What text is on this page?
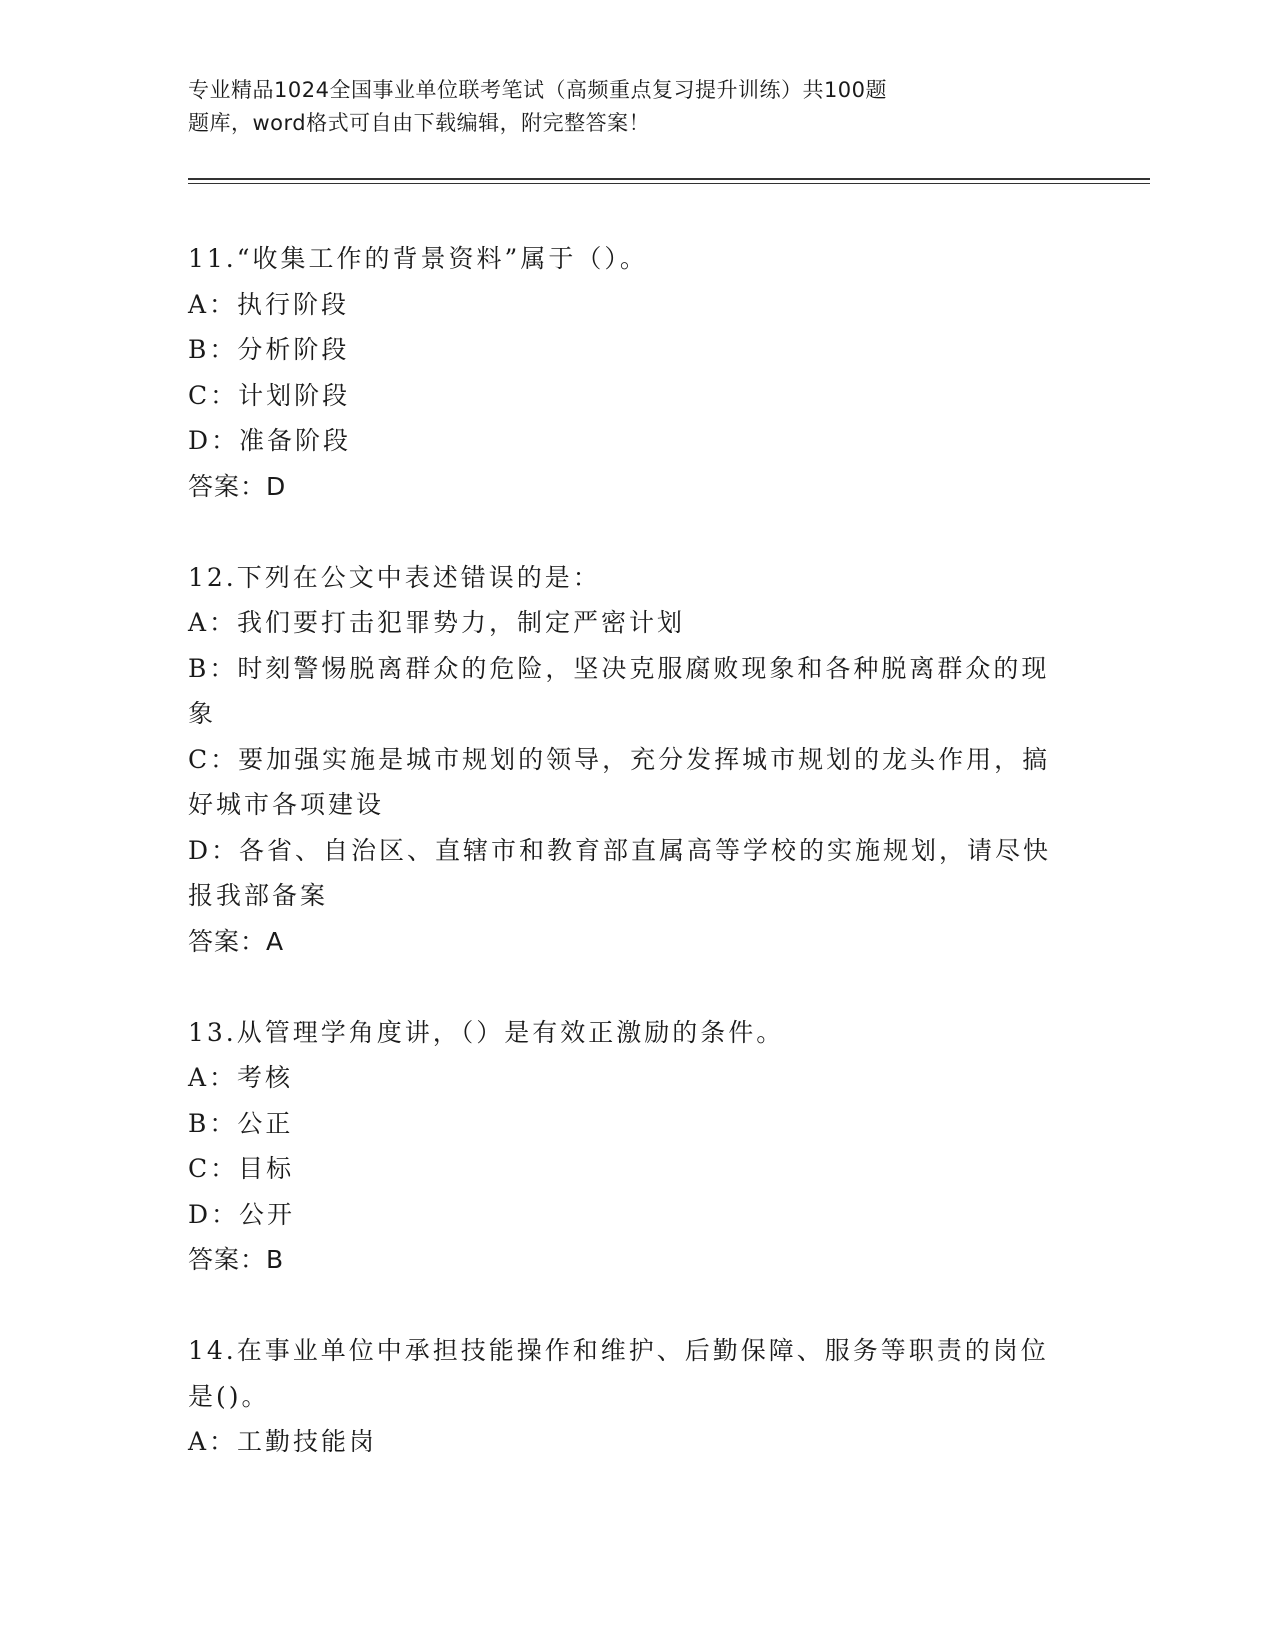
专业精品1024全国事业单位联考笔试（高频重点复习提升训练）共100题

题库，word格式可自由下载编辑，附完整答案！

11.“收集工作的背景资料”属于（）。

A：执行阶段

B：分析阶段

C：计划阶段

D：准备阶段

答案：D

12.下列在公文中表述错误的是：

A：我们要打击犯罪势力，制定严密计划

B：时刻警惕脱离群众的危险，坚决克服腐败现象和各种脱离群众的现象

C：要加强实施是城市规划的领导，充分发挥城市规划的龙头作用，搞好城市各项建设

D：各省、自治区、直辖市和教育部直属高等学校的实施规划，请尽快报我部备案

答案：A

13.从管理学角度讲，（）是有效正激励的条件。

A：考核

B：公正

C：目标

D：公开

答案：B

14.在事业单位中承担技能操作和维护、后勤保障、服务等职责的岗位是()。

A：工勤技能岗
